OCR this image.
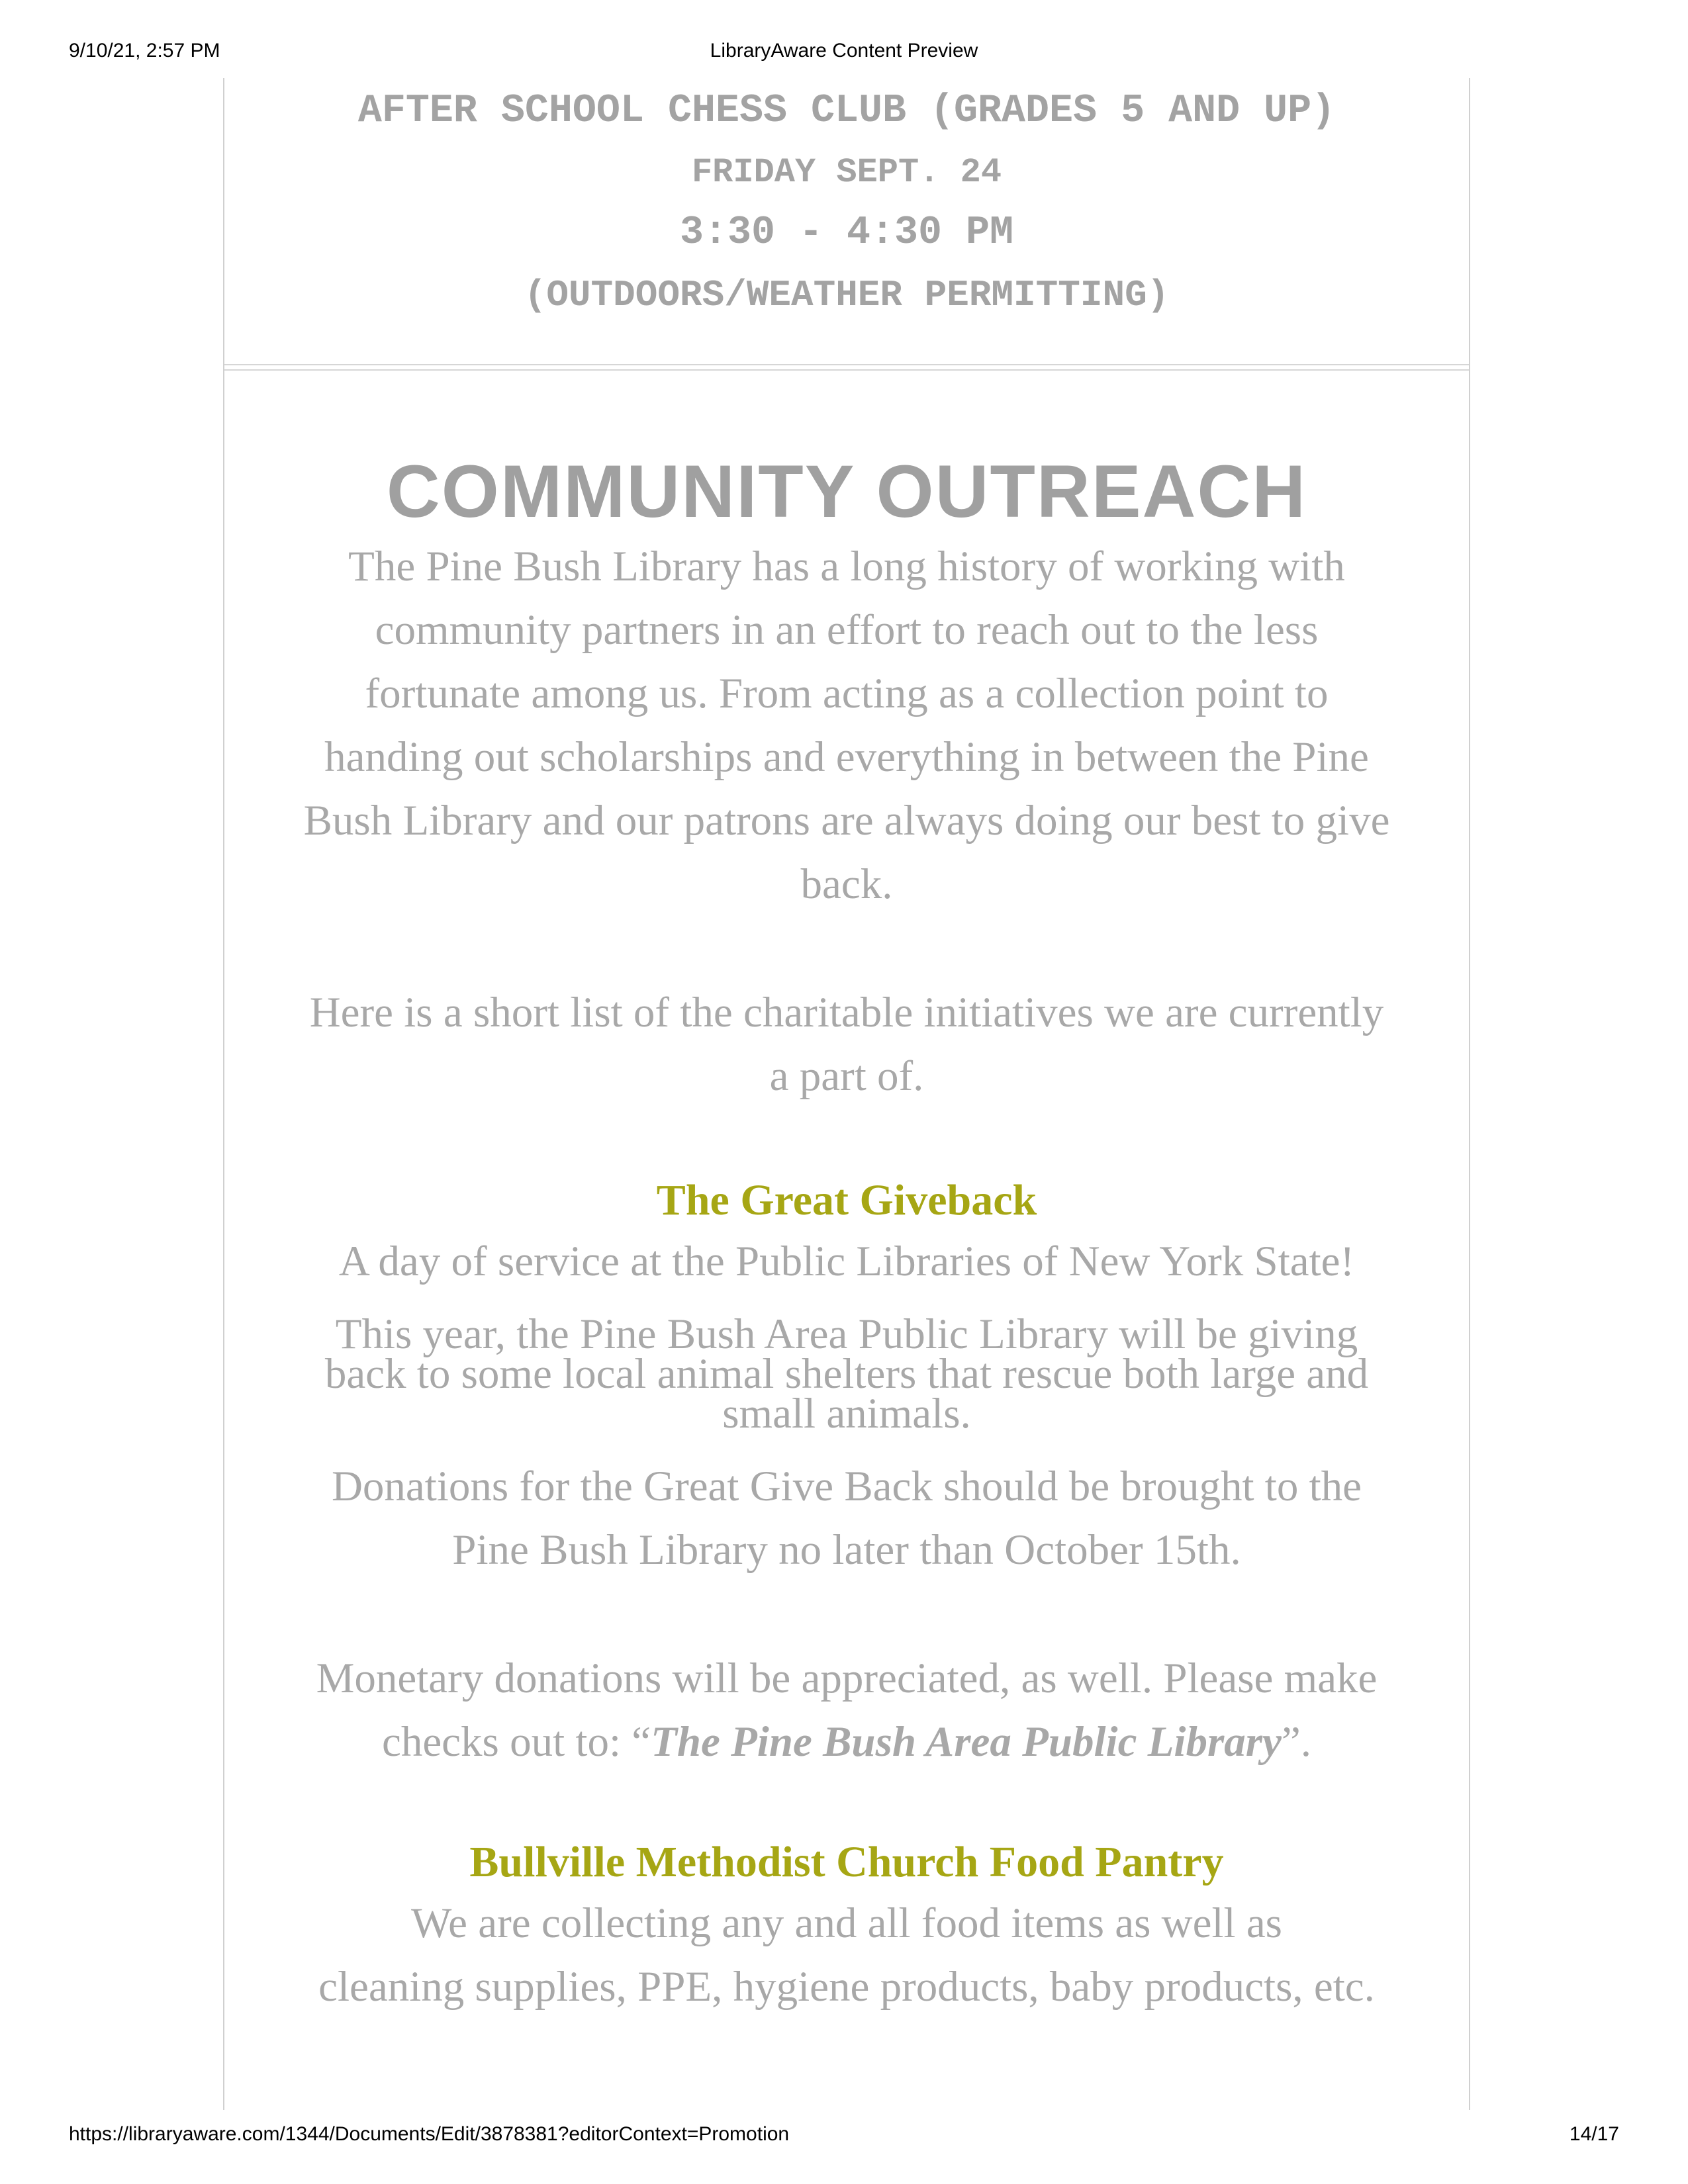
9/10/21, 2:57 PM	LibraryAware Content Preview
AFTER SCHOOL CHESS CLUB (GRADES 5 AND UP)
FRIDAY SEPT. 24
3:30 - 4:30 PM
(OUTDOORS/WEATHER PERMITTING)
COMMUNITY OUTREACH

The Pine Bush Library has a long history of working with

community partners in an effort to reach out to the less

fortunate among us. From acting as a collection point to

handing out scholarships and everything in between the Pine

Bush Library and our patrons are always doing our best to give

back.

Here is a short list of the charitable initiatives we are currently

a part of.

The Great Giveback

A day of service at the Public Libraries of New York State!

This year, the Pine Bush Area Public Library will be giving

back to some local animal shelters that rescue both large and

small animals.

Donations for the Great Give Back should be brought to the

Pine Bush Library no later than October 15th.

Monetary donations will be appreciated, as well. Please make

checks out to: “The Pine Bush Area Public Library”.

Bullville Methodist Church Food Pantry

We are collecting any and all food items as well as

cleaning supplies, PPE, hygiene products, baby products, etc.

https://libraryaware.com/1344/Documents/Edit/3878381?editorContext=Promotion	14/17
